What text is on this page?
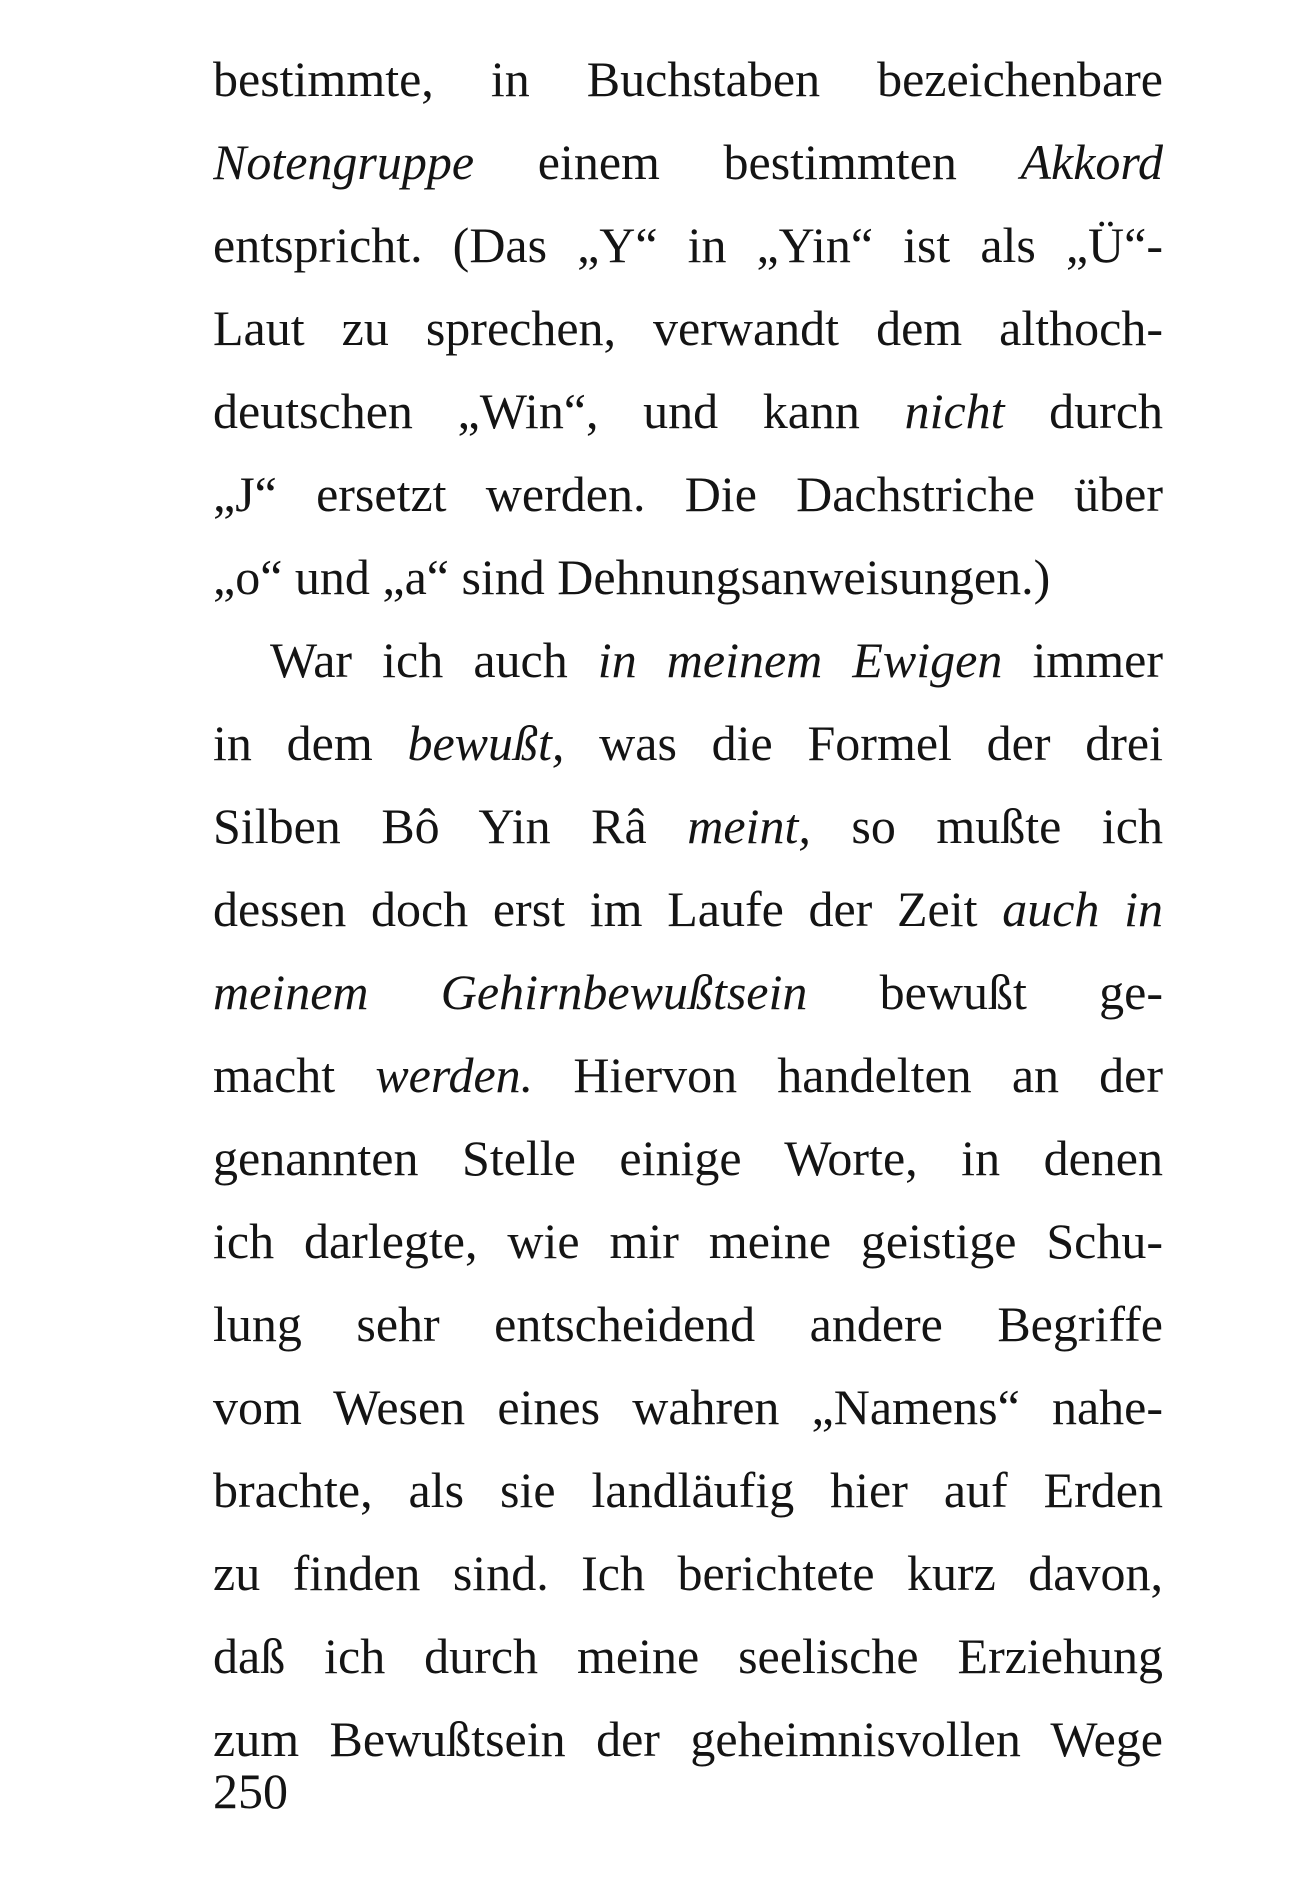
bestimmte, in Buchstaben bezeichenbare
Notengruppe einem bestimmten Akkord
entspricht. (Das „Y“ in „Yin“ ist als „Ü“-
Laut zu sprechen, verwandt dem althoch-
deutschen „Win“, und kann nicht durch
„J“ ersetzt werden. Die Dachstriche über
„o“ und „a“ sind Dehnungsanweisungen.)
War ich auch in meinem Ewigen immer
in dem bewußt, was die Formel der drei
Silben Bô Yin Râ meint, so mußte ich
dessen doch erst im Laufe der Zeit auch in
meinem Gehirnbewußtsein bewußt ge-
macht werden. Hiervon handelten an der
genannten Stelle einige Worte, in denen
ich darlegte, wie mir meine geistige Schu-
lung sehr entscheidend andere Begriffe
vom Wesen eines wahren „Namens“ nahe-
brachte, als sie landläufig hier auf Erden
zu finden sind. Ich berichtete kurz davon,
daß ich durch meine seelische Erziehung
zum Bewußtsein der geheimnisvollen Wege
250
